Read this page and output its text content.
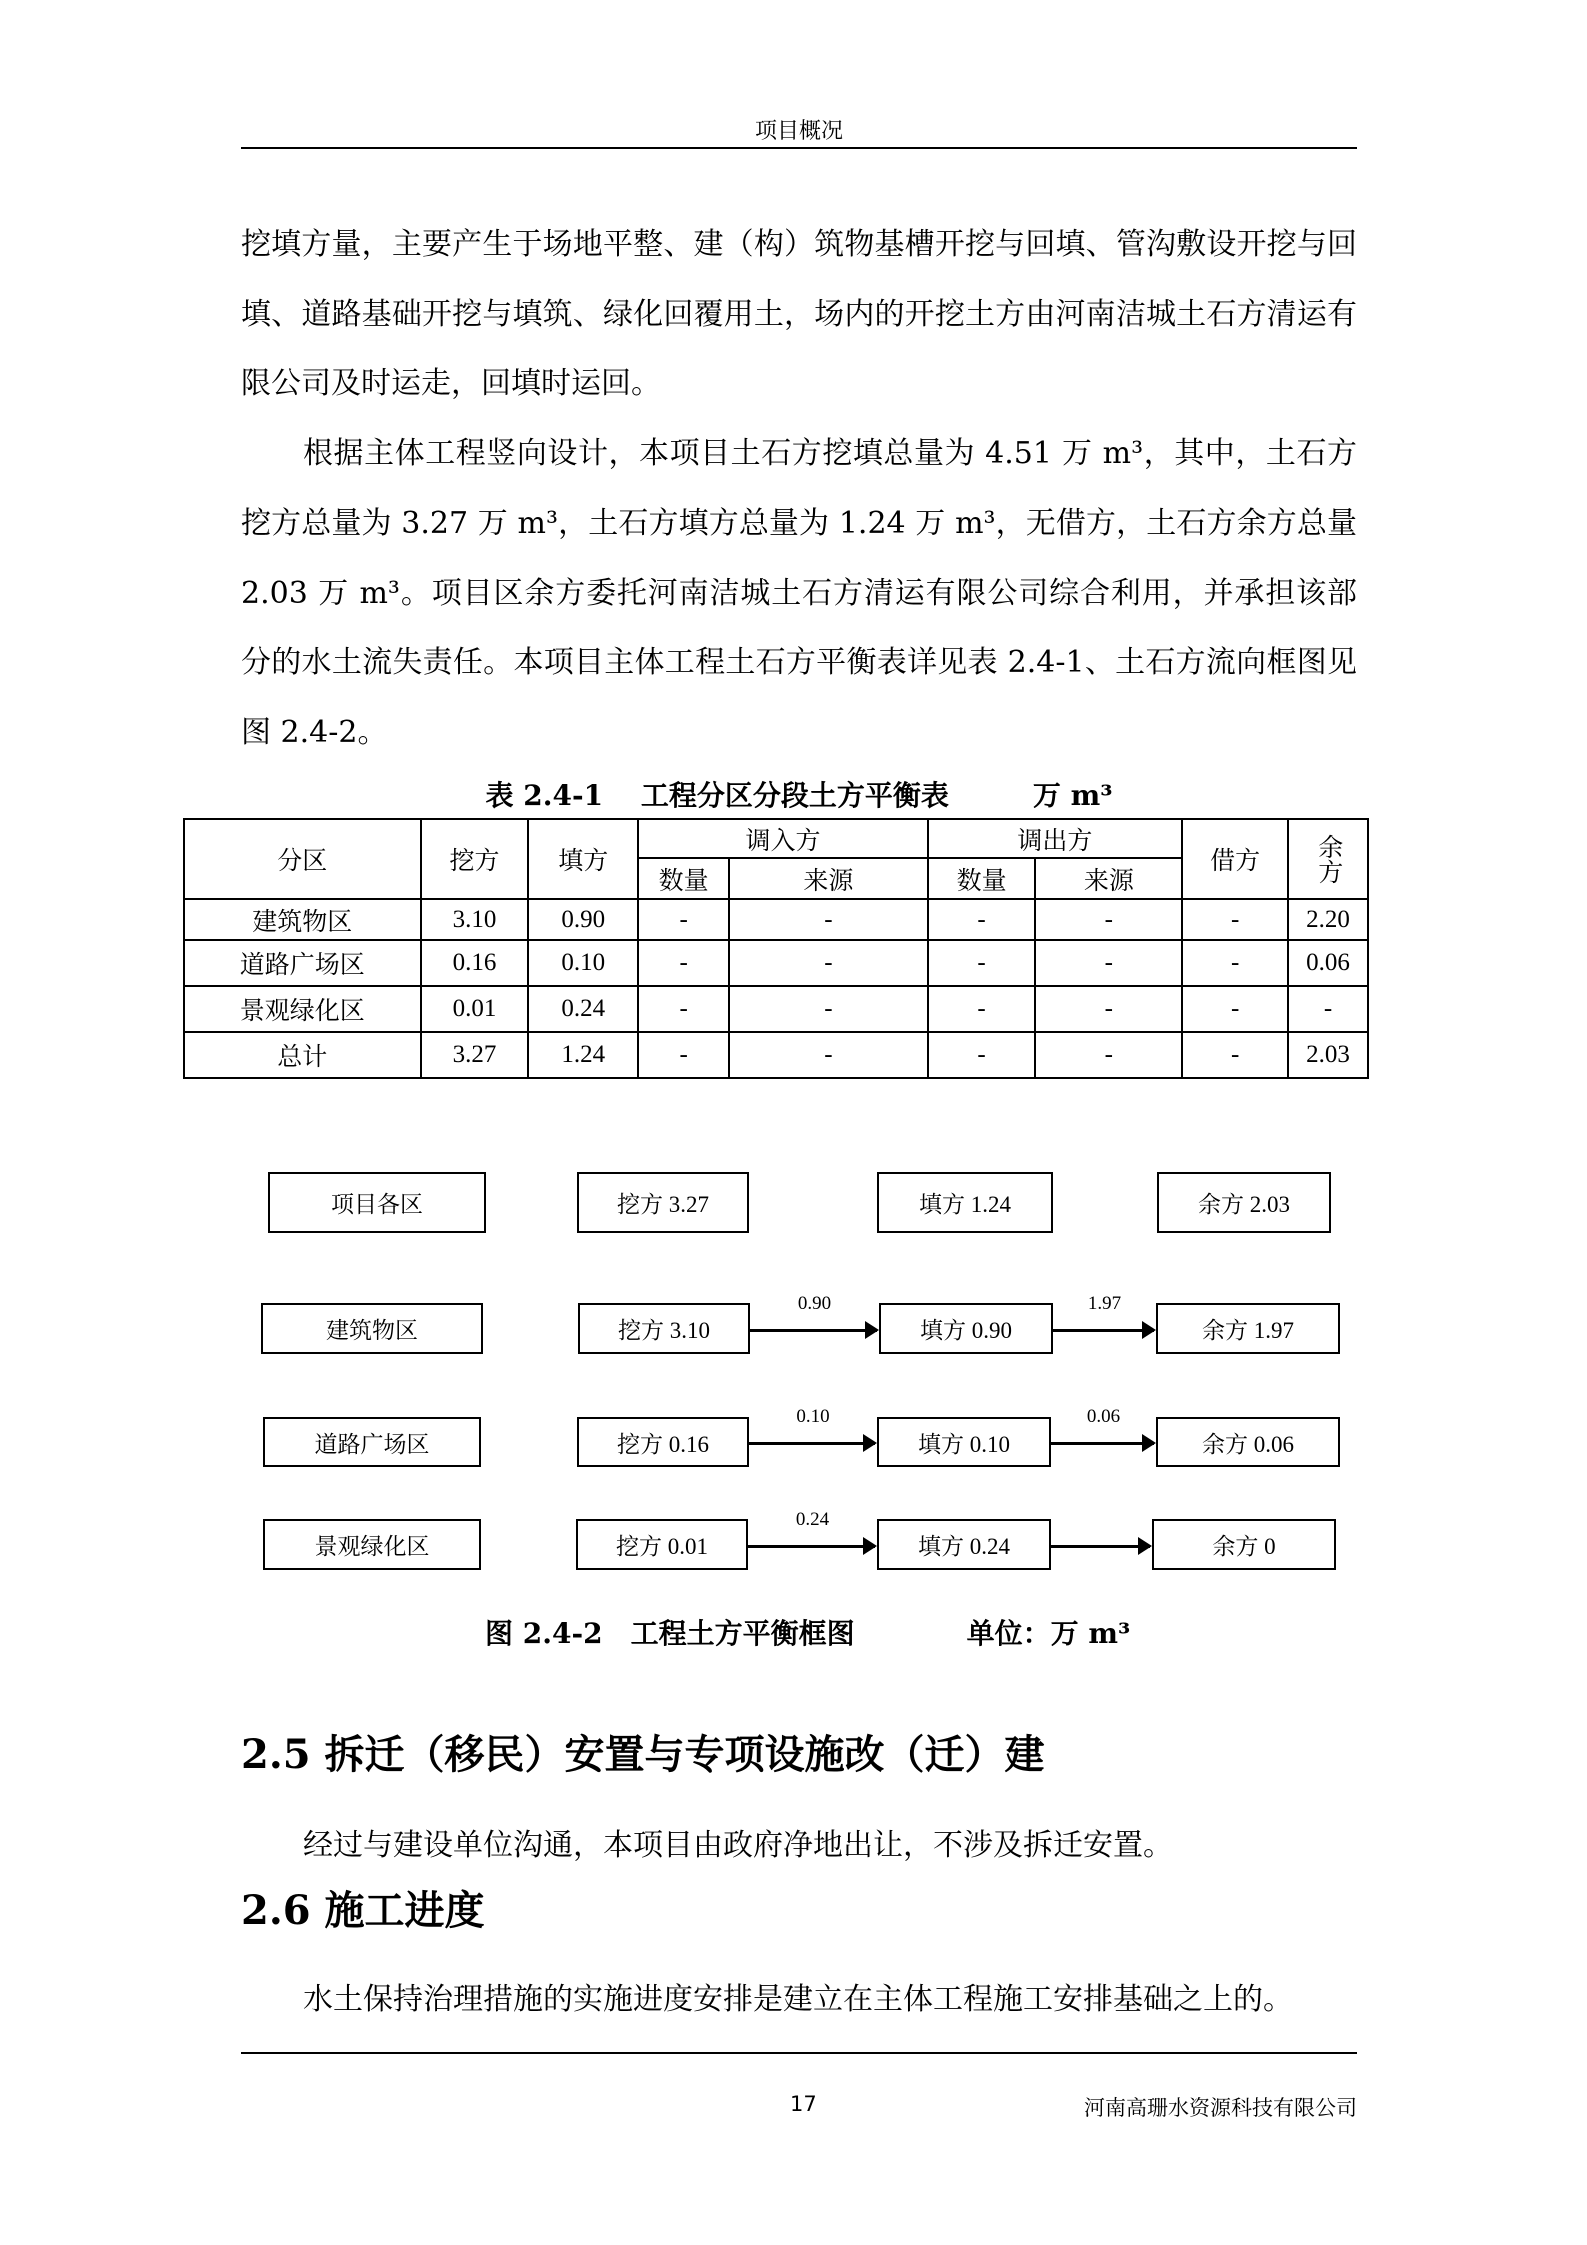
项目概况

挖填方量，主要产生于场地平整、建（构）筑物基槽开挖与回填、管沟敷设开挖与回填、道路基础开挖与填筑、绿化回覆用土，场内的开挖土方由河南洁城土石方清运有限公司及时运走，回填时运回。

根据主体工程竖向设计，本项目土石方挖填总量为 4.51 万 m³，其中，土石方挖方总量为 3.27 万 m³，土石方填方总量为 1.24 万 m³，无借方，土石方余方总量 2.03 万 m³。项目区余方委托河南洁城土石方清运有限公司综合利用，并承担该部分的水土流失责任。本项目主体工程土石方平衡表详见表 2.4-1、土石方流向框图见图 2.4-2。

表 2.4-1　 工程分区分段土方平衡表　　　万 m³
分区	挖方	填方	调入方		调出方		借方	余方
			数量	来源	数量	来源		
建筑物区	3.10	0.90	-	-	-	-	-	2.20
道路广场区	0.16	0.10	-	-	-	-	-	0.06
景观绿化区	0.01	0.24	-	-	-	-	-	-
总计	3.27	1.24	-	-	-	-	-	2.03
项目各区	挖方 3.27	填方 1.24	余方 2.03
建筑物区	挖方 3.10	填方 0.90	余方 1.97
0.90	1.97
道路广场区	挖方 0.16	填方 0.10	余方 0.06
0.10	0.06
景观绿化区	挖方 0.01	填方 0.24	余方 0
0.24
图 2.4-2　工程土方平衡框图　　　　单位：万 m³
2.5 拆迁（移民）安置与专项设施改（迁）建
经过与建设单位沟通，本项目由政府净地出让，不涉及拆迁安置。
2.6 施工进度
水土保持治理措施的实施进度安排是建立在主体工程施工安排基础之上的。
17	河南高珊水资源科技有限公司
